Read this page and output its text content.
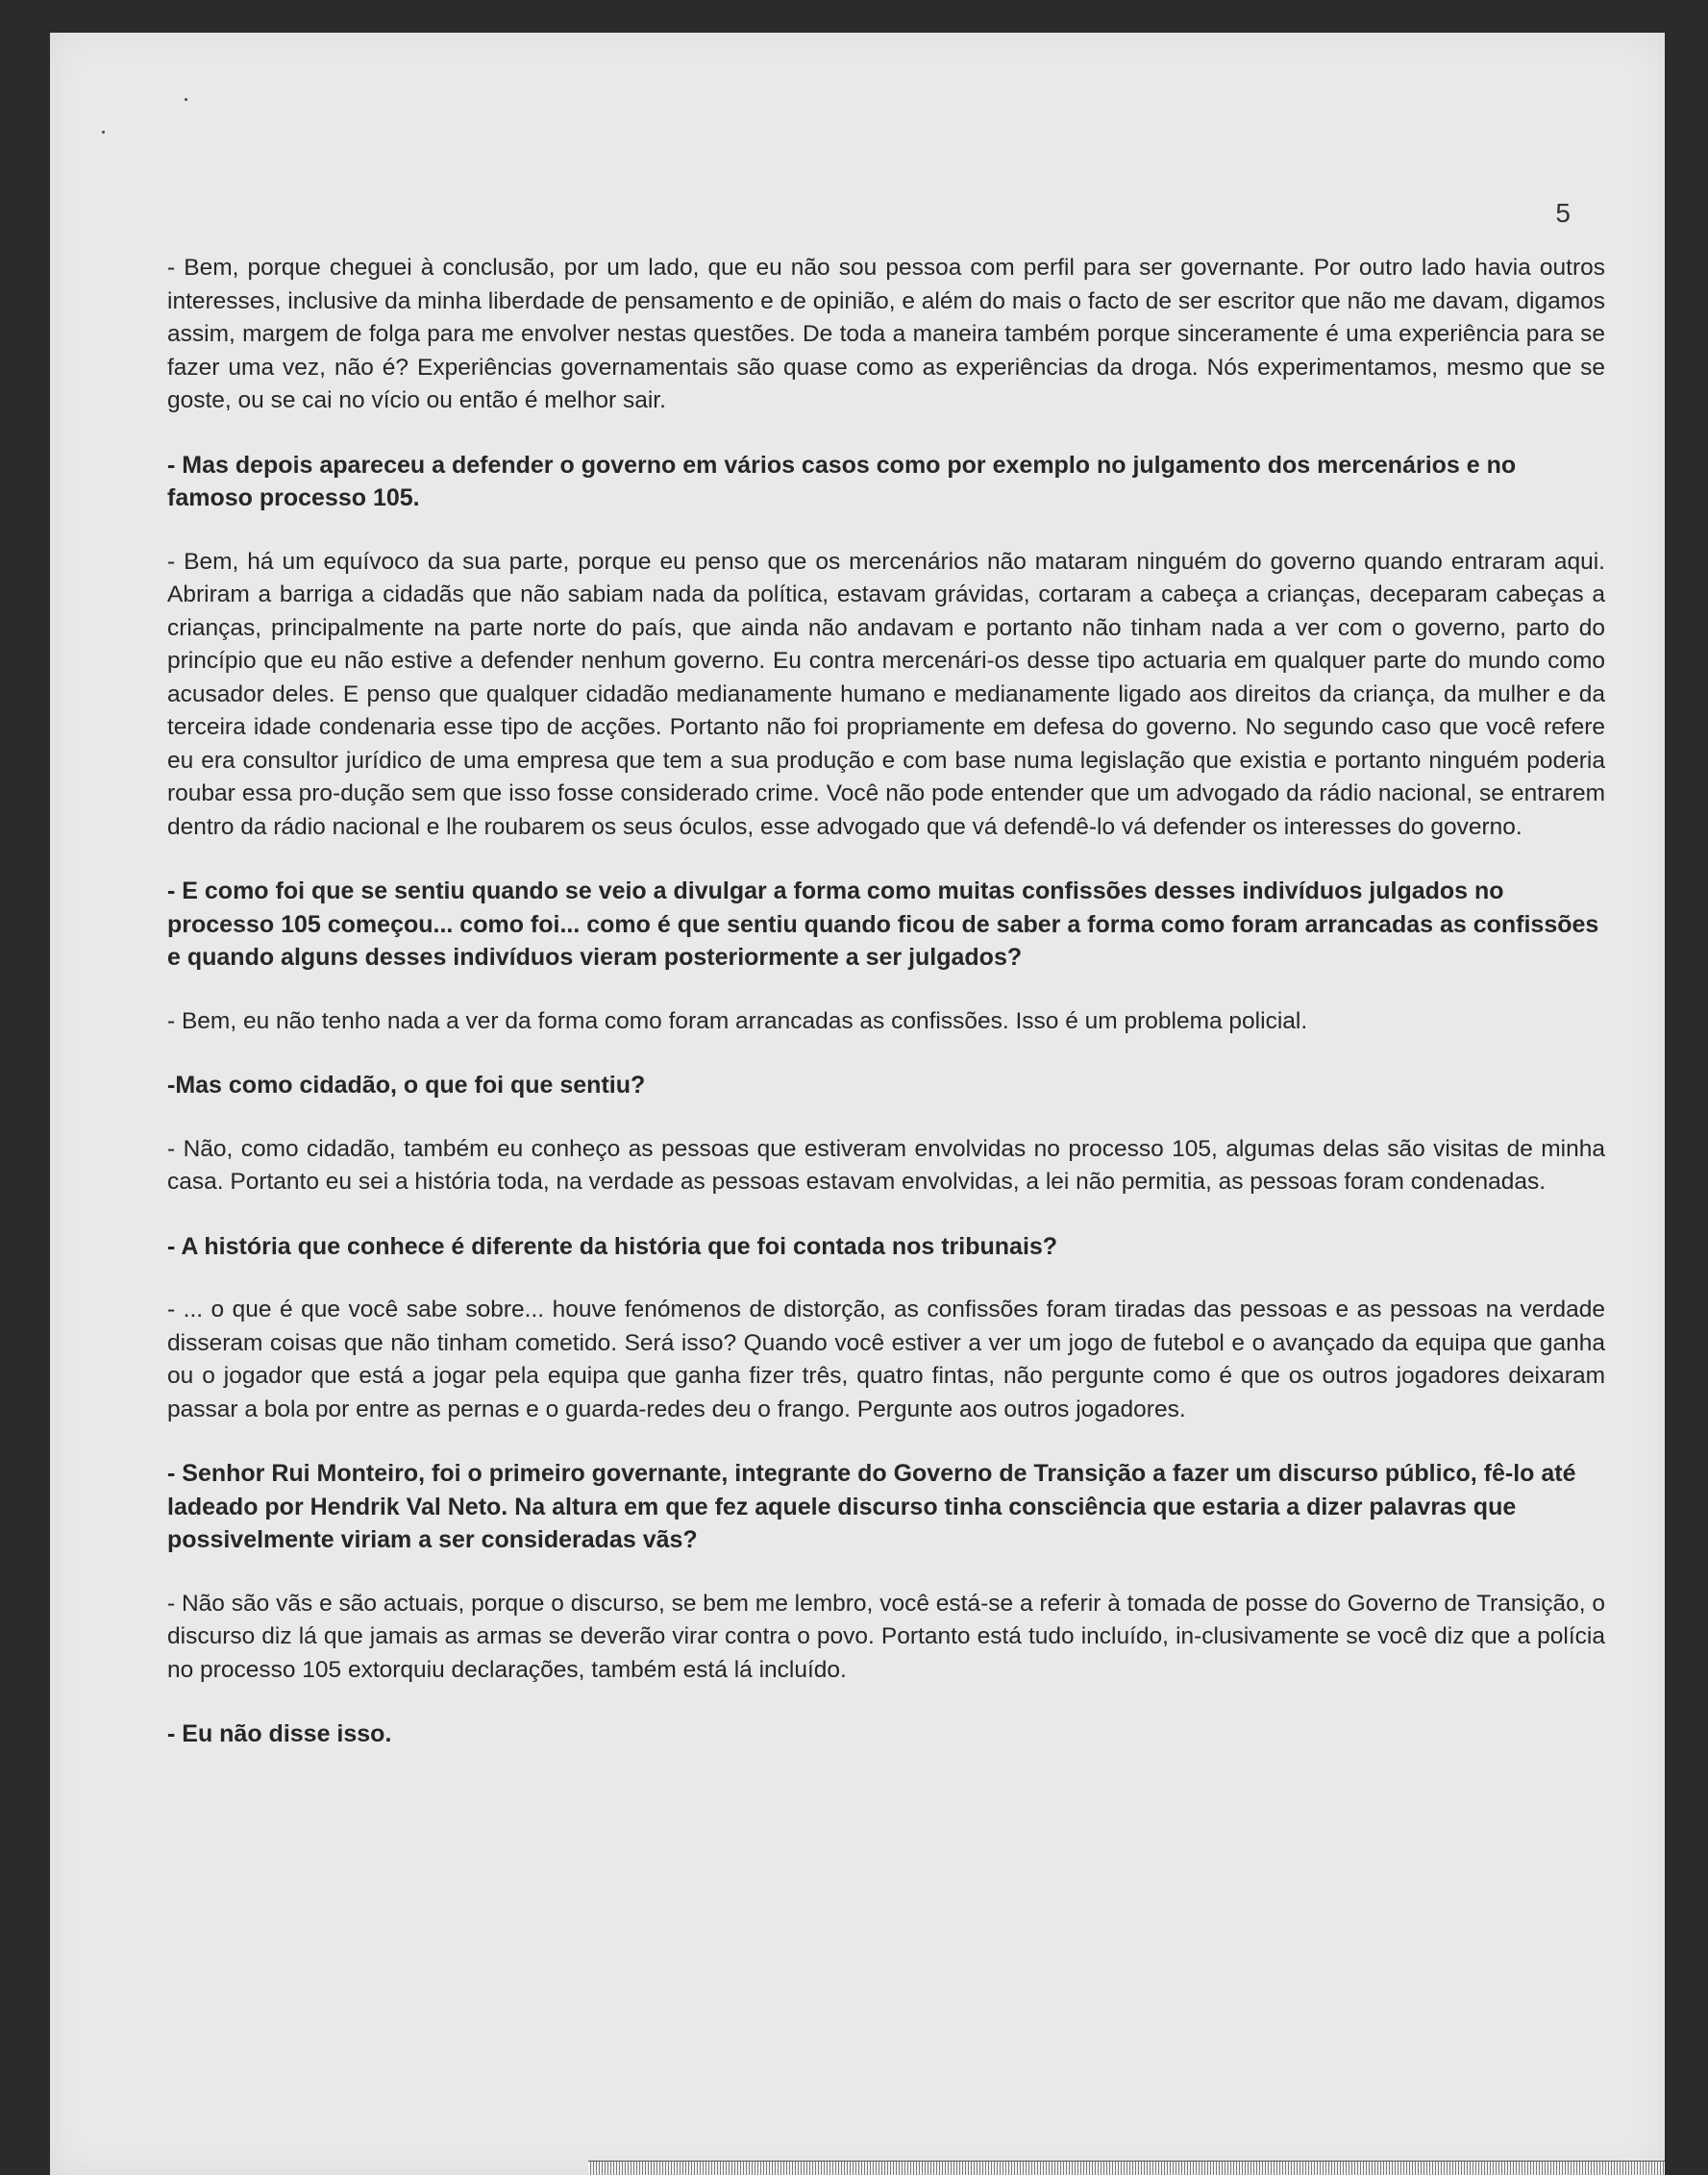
5

- Bem, porque cheguei à conclusão, por um lado, que eu não sou pessoa com perfil para ser governante. Por outro lado havia outros interesses, inclusive da minha liberdade de pensamento e de opinião, e além do mais o facto de ser escritor que não me davam, digamos assim, margem de folga para me envolver nestas questões. De toda a maneira também porque sinceramente é uma experiência para se fazer uma vez, não é? Experiências governamentais são quase como as experiências da droga. Nós experimentamos, mesmo que se goste, ou se cai no vício ou então é melhor sair.

- Mas depois apareceu a defender o governo em vários casos como por exemplo no julgamento dos mercenários e no famoso processo 105.

- Bem, há um equívoco da sua parte, porque eu penso que os mercenários não mataram ninguém do governo quando entraram aqui. Abriram a barriga a cidadãs que não sabiam nada da política, estavam grávidas, cortaram a cabeça a crianças, deceparam cabeças a crianças, principalmente na parte norte do país, que ainda não andavam e portanto não tinham nada a ver com o governo, parto do princípio que eu não estive a defender nenhum governo. Eu contra mercenári-os desse tipo actuaria em qualquer parte do mundo como acusador deles. E penso que qualquer cidadão medianamente humano e medianamente ligado aos direitos da criança, da mulher e da terceira idade condenaria esse tipo de acções. Portanto não foi propriamente em defesa do governo. No segundo caso que você refere eu era consultor jurídico de uma empresa que tem a sua produção e com base numa legislação que existia e portanto ninguém poderia roubar essa pro-dução sem que isso fosse considerado crime. Você não pode entender que um advogado da rádio nacional, se entrarem dentro da rádio nacional e lhe roubarem os seus óculos, esse advogado que vá defendê-lo vá defender os interesses do governo.

- E como foi que se sentiu quando se veio a divulgar a forma como muitas confissões desses indivíduos julgados no processo 105 começou... como foi... como é que sentiu quando ficou de saber a forma como foram arrancadas as confissões e quando alguns desses indivíduos vieram posteriormente a ser julgados?

- Bem, eu não tenho nada a ver da forma como foram arrancadas as confissões. Isso é um problema policial.

-Mas como cidadão, o que foi que sentiu?

- Não, como cidadão, também eu conheço as pessoas que estiveram envolvidas no processo 105, algumas delas são visitas de minha casa. Portanto eu sei a história toda, na verdade as pessoas estavam envolvidas, a lei não permitia, as pessoas foram condenadas.

- A história que conhece é diferente da história que foi contada nos tribunais?

- ... o que é que você sabe sobre... houve fenómenos de distorção, as confissões foram tiradas das pessoas e as pessoas na verdade disseram coisas que não tinham cometido. Será isso? Quando você estiver a ver um jogo de futebol e o avançado da equipa que ganha ou o jogador que está a jogar pela equipa que ganha fizer três, quatro fintas, não pergunte como é que os outros jogadores deixaram passar a bola por entre as pernas e o guarda-redes deu o frango. Pergunte aos outros jogadores.

- Senhor Rui Monteiro, foi o primeiro governante, integrante do Governo de Transição a fazer um discurso público, fê-lo até ladeado por Hendrik Val Neto. Na altura em que fez aquele discurso tinha consciência que estaria a dizer palavras que possivelmente viriam a ser consideradas vãs?

- Não são vãs e são actuais, porque o discurso, se bem me lembro, você está-se a referir à tomada de posse do Governo de Transição, o discurso diz lá que jamais as armas se deverão virar contra o povo. Portanto está tudo incluído, in-clusivamente se você diz que a polícia no processo 105 extorquiu declarações, também está lá incluído.

- Eu não disse isso.
